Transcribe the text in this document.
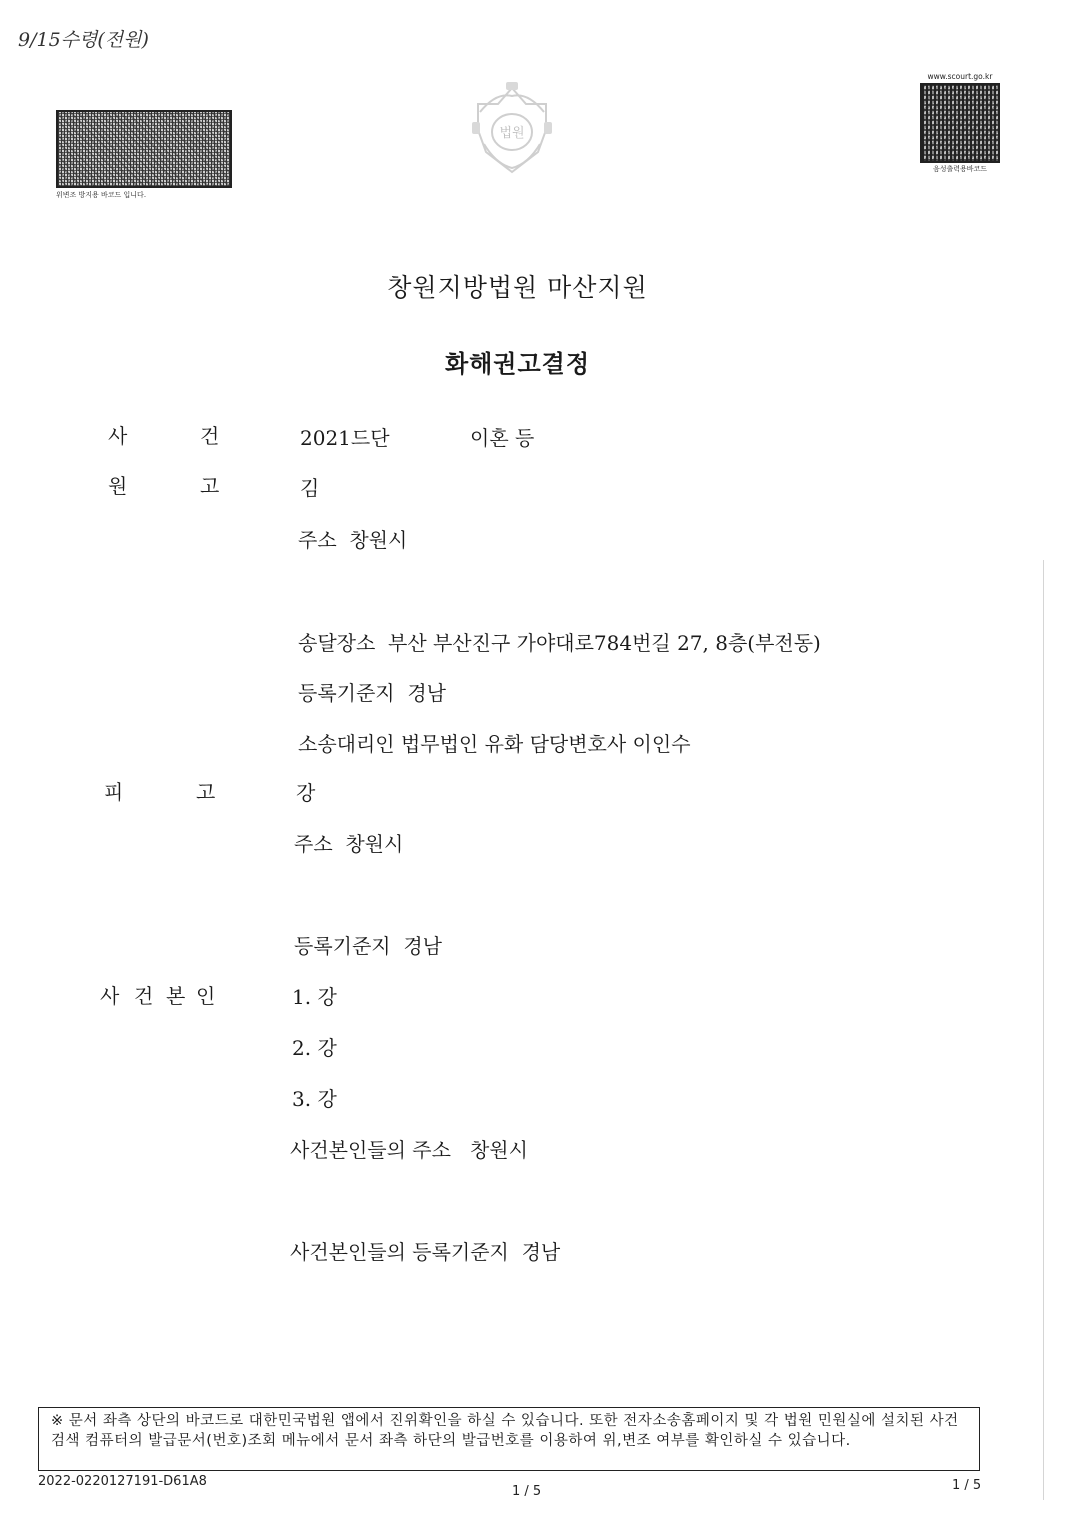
9/15수령(전원)
위변조 방지용 바코드 입니다.
법원
www.scourt.go.kr
음성출력용바코드
창원지방법원 마산지원
화해권고결정
사	건	2021드단	이혼 등
원	고	김
주소  창원시
송달장소  부산 부산진구 가야대로784번길 27, 8층(부전동)
등록기준지  경남
소송대리인 법무법인 유화 담당변호사 이인수
피	고	강
주소  창원시
등록기준지  경남
사 건 본 인	1. 강
2. 강
3. 강
사건본인들의 주소   창원시
사건본인들의 등록기준지  경남
※ 문서 좌측 상단의 바코드로 대한민국법원 앱에서 진위확인을 하실 수 있습니다. 또한 전자소송홈페이지 및 각 법원 민원실에 설치된 사건검색 컴퓨터의 발급문서(번호)조회 메뉴에서 문서 좌측 하단의 발급번호를 이용하여 위,변조 여부를 확인하실 수 있습니다.
2022-0220127191-D61A8
1 / 5	1 / 5
